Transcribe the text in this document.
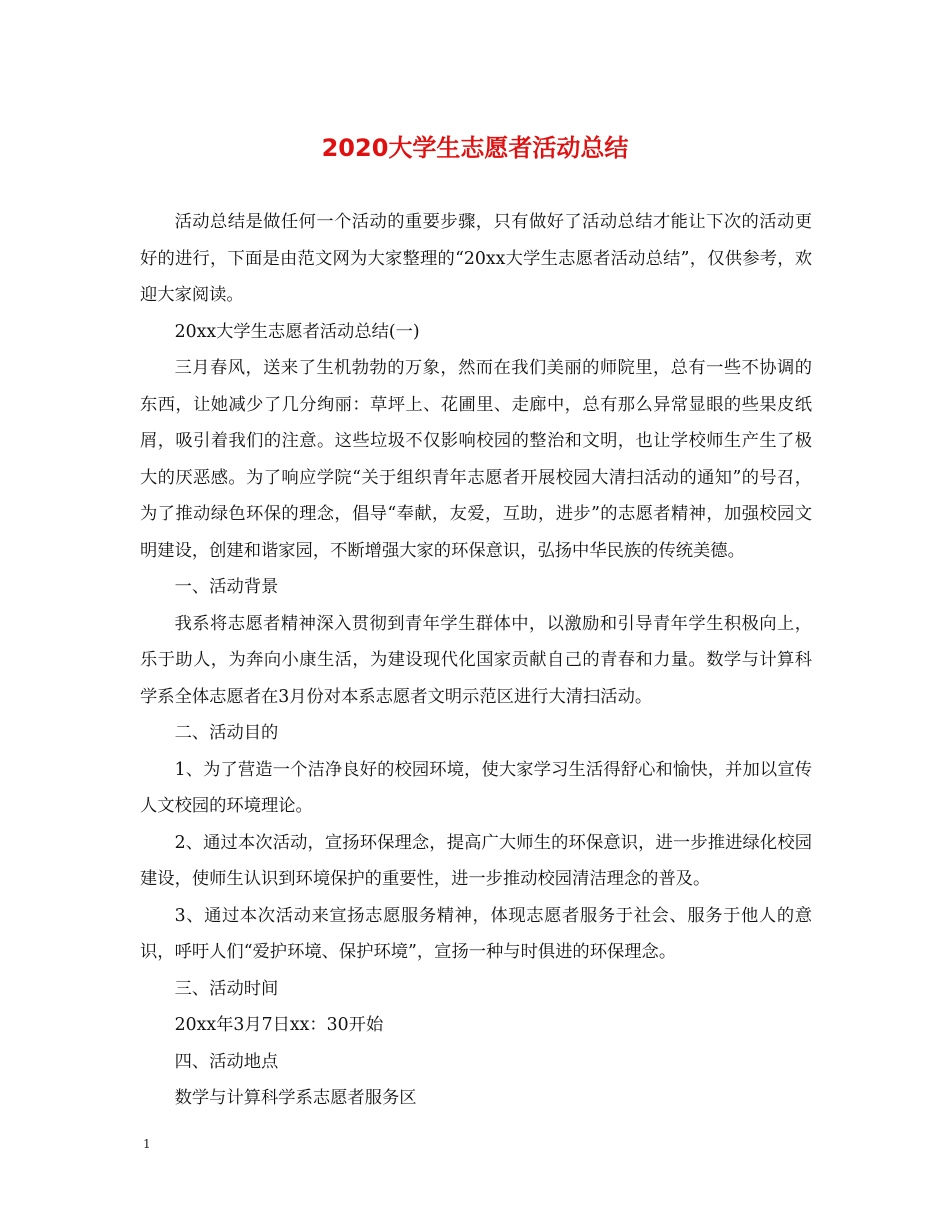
2020大学生志愿者活动总结

活动总结是做任何一个活动的重要步骤，只有做好了活动总结才能让下次的活动更好的进行，下面是由范文网为大家整理的“20xx大学生志愿者活动总结”，仅供参考，欢迎大家阅读。

20xx大学生志愿者活动总结(一)

三月春风，送来了生机勃勃的万象，然而在我们美丽的师院里，总有一些不协调的东西，让她减少了几分绚丽：草坪上、花圃里、走廊中，总有那么异常显眼的些果皮纸屑，吸引着我们的注意。这些垃圾不仅影响校园的整治和文明，也让学校师生产生了极大的厌恶感。为了响应学院“关于组织青年志愿者开展校园大清扫活动的通知”的号召，为了推动绿色环保的理念，倡导“奉献，友爱，互助，进步”的志愿者精神，加强校园文明建设，创建和谐家园，不断增强大家的环保意识，弘扬中华民族的传统美德。

一、活动背景

我系将志愿者精神深入贯彻到青年学生群体中，以激励和引导青年学生积极向上，乐于助人，为奔向小康生活，为建设现代化国家贡献自己的青春和力量。数学与计算科学系全体志愿者在3月份对本系志愿者文明示范区进行大清扫活动。

二、活动目的

1、为了营造一个洁净良好的校园环境，使大家学习生活得舒心和愉快，并加以宣传人文校园的环境理论。

2、通过本次活动，宣扬环保理念，提高广大师生的环保意识，进一步推进绿化校园建设，使师生认识到环境保护的重要性，进一步推动校园清洁理念的普及。

3、通过本次活动来宣扬志愿服务精神，体现志愿者服务于社会、服务于他人的意识，呼吁人们“爱护环境、保护环境”，宣扬一种与时俱进的环保理念。

三、活动时间

20xx年3月7日xx：30开始

四、活动地点

数学与计算科学系志愿者服务区

1
